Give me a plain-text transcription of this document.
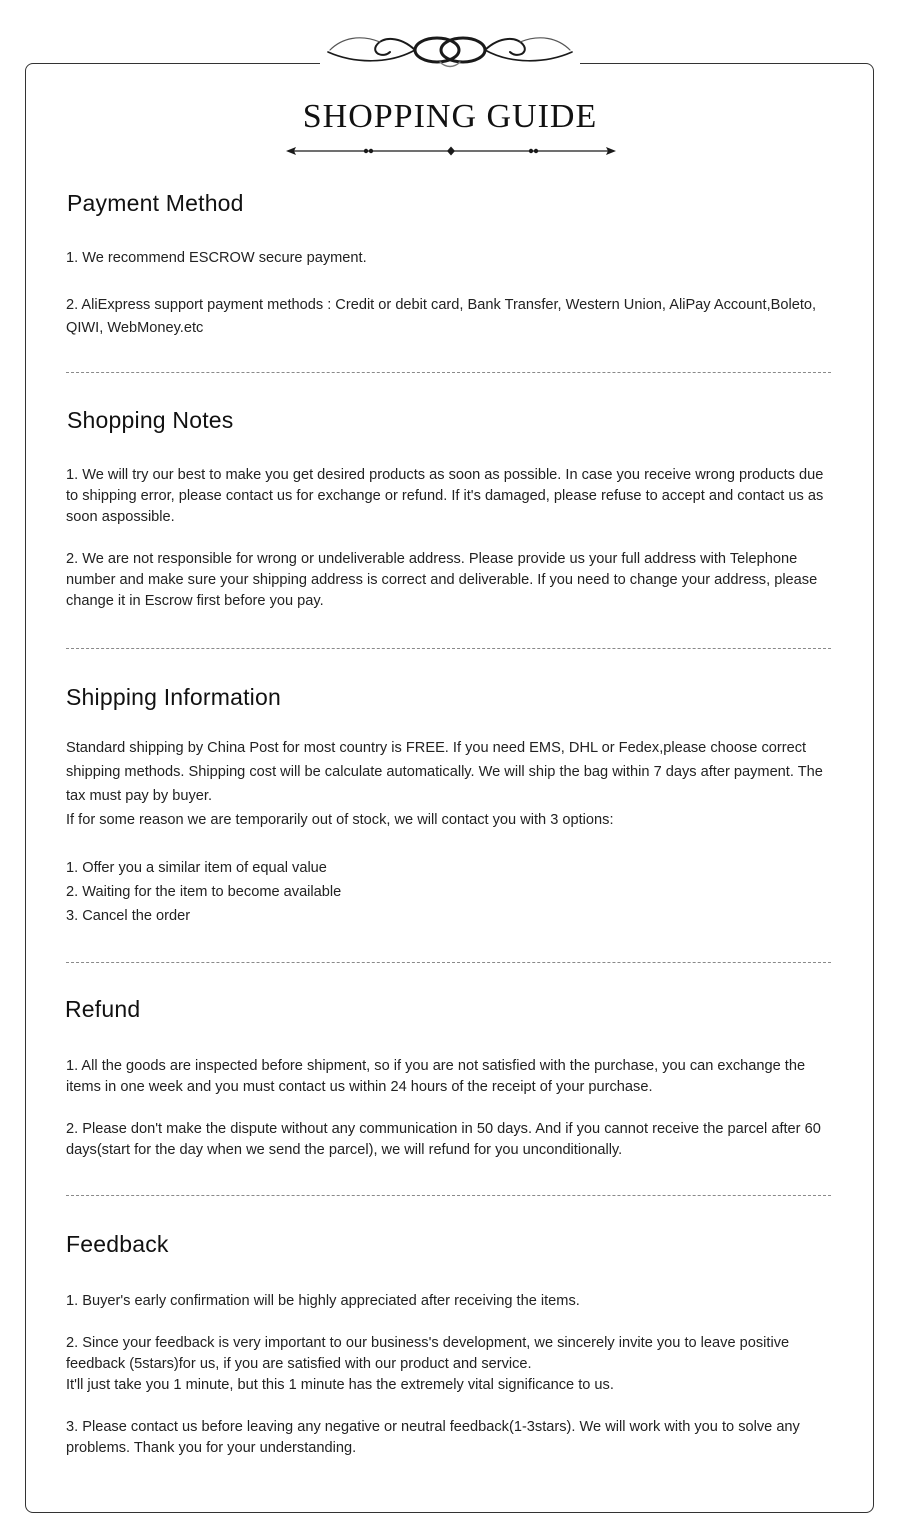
SHOPPING GUIDE
Payment Method

1. We recommend ESCROW secure payment.

2. AliExpress support payment methods : Credit or debit card, Bank Transfer, Western Union, AliPay Account,Boleto, QIWI, WebMoney.etc

Shopping Notes

1. We will try our best to make you get desired products as soon as possible. In case you receive wrong products due to shipping error, please contact us for exchange or refund. If it's damaged, please refuse to accept and contact us as soon aspossible.

2. We are not responsible for wrong or undeliverable address. Please provide us your full address with Telephone number and make sure your shipping address is correct and deliverable. If you need to change your address, please change it in Escrow first before you pay.

Shipping Information

Standard shipping by China Post for most country is FREE. If you need EMS, DHL or Fedex,please choose correct shipping methods. Shipping cost will be calculate automatically. We will ship the bag within 7 days after payment. The tax must pay by buyer.

If for some reason we are temporarily out of stock, we will contact you with 3 options:

1. Offer you a similar item of equal value

2. Waiting for the item to become available

3. Cancel the order

Refund

1. All the goods are inspected before shipment, so if you are not satisfied with the purchase, you can exchange the items in one week and you must contact us within 24 hours of the receipt of your purchase.

2. Please don't make the dispute without any communication in 50 days. And if you cannot receive the parcel after 60 days(start for the day when we send the parcel), we will refund for you unconditionally.

Feedback

1. Buyer's early confirmation will be highly appreciated after receiving the items.

2. Since your feedback is very important to our business's development, we sincerely invite you to leave positive feedback (5stars)for us, if you are satisfied with our product and service.

It'll just take you 1 minute, but this 1 minute has the extremely vital significance to us.

3. Please contact us before leaving any negative or neutral feedback(1-3stars). We will work with you to solve any problems. Thank you for your understanding.
